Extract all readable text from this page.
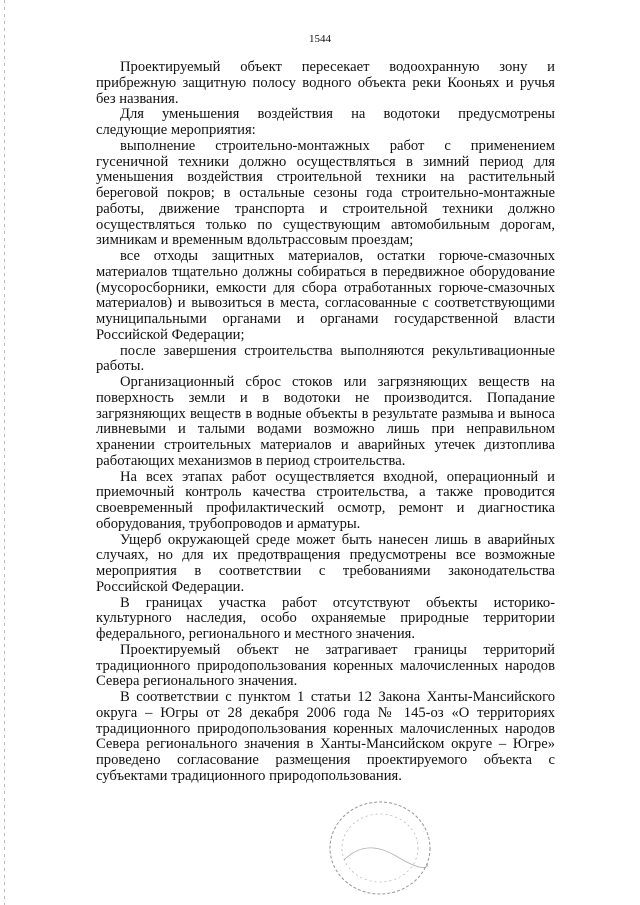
1544

Проектируемый объект пересекает водоохранную зону и прибрежную защитную полосу водного объекта реки Кооньях и ручья без названия.

Для уменьшения воздействия на водотоки предусмотрены следующие мероприятия:

выполнение строительно-монтажных работ с применением гусеничной техники должно осуществляться в зимний период для уменьшения воздействия строительной техники на растительный береговой покров; в остальные сезоны года строительно-монтажные работы, движение транспорта и строительной техники должно осуществляться только по существующим автомобильным дорогам, зимникам и временным вдольтрассовым проездам;

все отходы защитных материалов, остатки горюче-смазочных материалов тщательно должны собираться в передвижное оборудование (мусоросборники, емкости для сбора отработанных горюче-смазочных материалов) и вывозиться в места, согласованные с соответствующими муниципальными органами и органами государственной власти Российской Федерации;

после завершения строительства выполняются рекультивационные работы.

Организационный сброс стоков или загрязняющих веществ на поверхность земли и в водотоки не производится. Попадание загрязняющих веществ в водные объекты в результате размыва и выноса ливневыми и талыми водами возможно лишь при неправильном хранении строительных материалов и аварийных утечек дизтоплива работающих механизмов в период строительства.

На всех этапах работ осуществляется входной, операционный и приемочный контроль качества строительства, а также проводится своевременный профилактический осмотр, ремонт и диагностика оборудования, трубопроводов и арматуры.

Ущерб окружающей среде может быть нанесен лишь в аварийных случаях, но для их предотвращения предусмотрены все возможные мероприятия в соответствии с требованиями законодательства Российской Федерации.

В границах участка работ отсутствуют объекты историко-культурного наследия, особо охраняемые природные территории федерального, регионального и местного значения.

Проектируемый объект не затрагивает границы территорий традиционного природопользования коренных малочисленных народов Севера регионального значения.

В соответствии с пунктом 1 статьи 12 Закона Ханты-Мансийского округа – Югры от 28 декабря 2006 года № 145-оз «О территориях традиционного природопользования коренных малочисленных народов Севера регионального значения в Ханты-Мансийском округе – Югре» проведено согласование размещения проектируемого объекта с субъектами традиционного природопользования.
